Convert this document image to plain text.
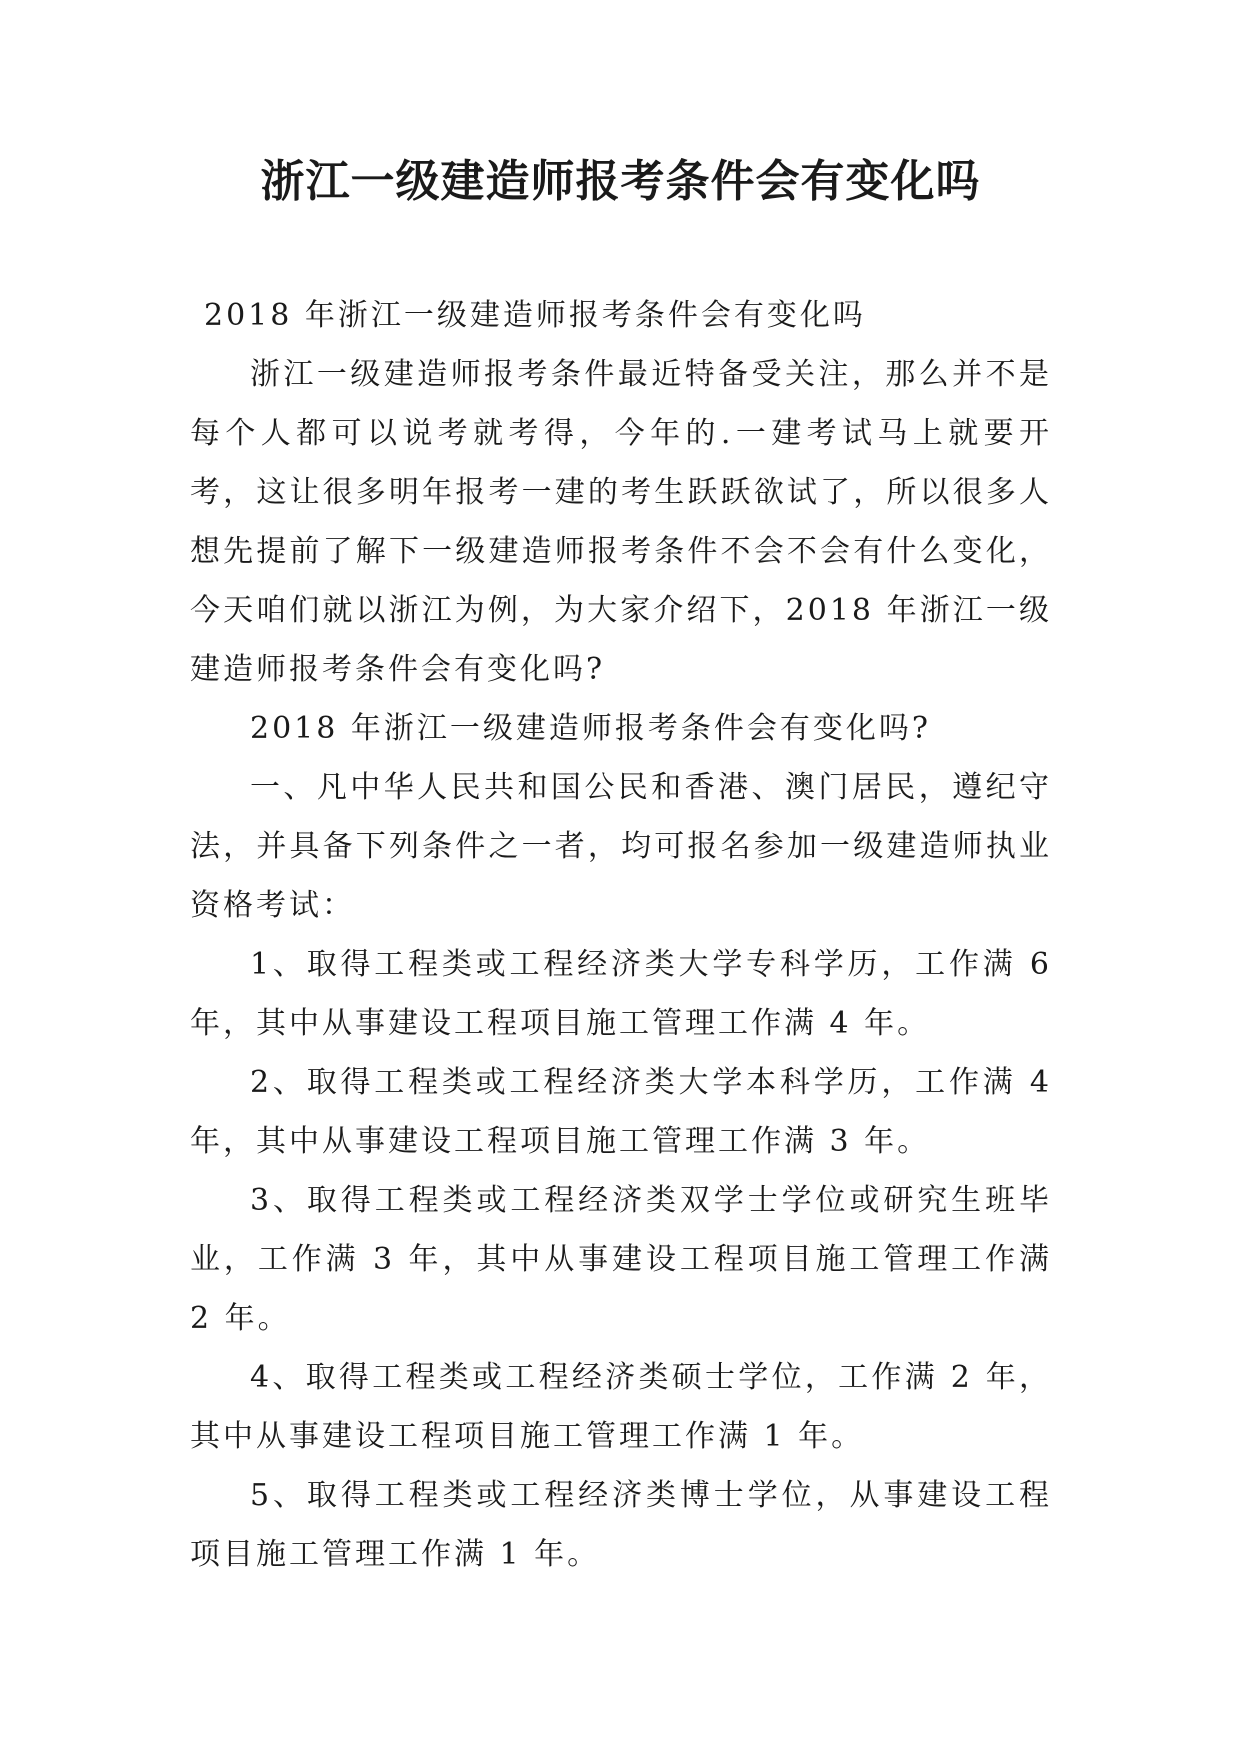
浙江一级建造师报考条件会有变化吗

2018 年浙江一级建造师报考条件会有变化吗

浙江一级建造师报考条件最近特备受关注，那么并不是每个人都可以说考就考得，今年的.一建考试马上就要开考，这让很多明年报考一建的考生跃跃欲试了，所以很多人想先提前了解下一级建造师报考条件不会不会有什么变化，今天咱们就以浙江为例，为大家介绍下，2018 年浙江一级建造师报考条件会有变化吗?

2018 年浙江一级建造师报考条件会有变化吗?

一、凡中华人民共和国公民和香港、澳门居民，遵纪守法，并具备下列条件之一者，均可报名参加一级建造师执业资格考试：

1、取得工程类或工程经济类大学专科学历，工作满 6 年，其中从事建设工程项目施工管理工作满 4 年。

2、取得工程类或工程经济类大学本科学历，工作满 4 年，其中从事建设工程项目施工管理工作满 3 年。

3、取得工程类或工程经济类双学士学位或研究生班毕业，工作满 3 年，其中从事建设工程项目施工管理工作满 2 年。

4、取得工程类或工程经济类硕士学位，工作满 2 年，其中从事建设工程项目施工管理工作满 1 年。

5、取得工程类或工程经济类博士学位，从事建设工程项目施工管理工作满 1 年。
